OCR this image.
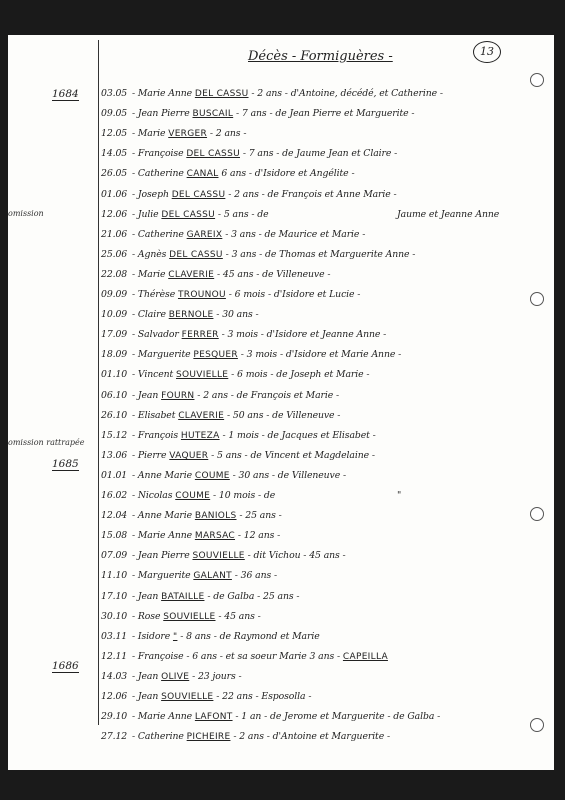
Décès - Formiguères -	13
1684
1685
1686
omission
omission rattrapée
03.05 - Marie Anne DEL CASSU - 2 ans - d'Antoine, décédé, et Catherine -
09.05 - Jean Pierre BUSCAIL - 7 ans - de Jean Pierre et Marguerite -
12.05 - Marie VERGER - 2 ans -
14.05 - Françoise DEL CASSU - 7 ans - de Jaume Jean et Claire -
26.05 - Catherine CANAL 6 ans - d'Isidore et Angélite -
01.06 - Joseph DEL CASSU - 2 ans - de François et Anne Marie -
12.06 - Julie DEL CASSU - 5 ans - de	Jaume et Jeanne Anne
21.06 - Catherine GAREIX - 3 ans - de Maurice et Marie -
25.06 - Agnès DEL CASSU - 3 ans - de Thomas et Marguerite Anne -
22.08 - Marie CLAVERIE - 45 ans - de Villeneuve -
09.09 - Thérèse TROUNOU - 6 mois - d'Isidore et Lucie -
10.09 - Claire BERNOLE - 30 ans -
17.09 - Salvador FERRER - 3 mois - d'Isidore et Jeanne Anne -
18.09 - Marguerite PESQUER - 3 mois - d'Isidore et Marie Anne -
01.10 - Vincent SOUVIELLE - 6 mois - de Joseph et Marie -
06.10 - Jean FOURN - 2 ans - de François et Marie -
26.10 - Elisabet CLAVERIE - 50 ans - de Villeneuve -
15.12 - François HUTEZA - 1 mois - de Jacques et Elisabet -
13.06 - Pierre VAQUER - 5 ans - de Vincent et Magdelaine -
01.01 - Anne Marie COUME - 30 ans - de Villeneuve -
16.02 - Nicolas COUME - 10 mois - de	"
12.04 - Anne Marie BANIOLS - 25 ans -
15.08 - Marie Anne MARSAC - 12 ans -
07.09 - Jean Pierre SOUVIELLE - dit Vichou - 45 ans -
11.10 - Marguerite GALANT - 36 ans -
17.10 - Jean BATAILLE - de Galba - 25 ans -
30.10 - Rose SOUVIELLE - 45 ans -
03.11 - Isidore " - 8 ans - de Raymond et Marie
12.11 - Françoise - 6 ans - et sa soeur Marie 3 ans - CAPEILLA
14.03 - Jean OLIVE - 23 jours -
12.06 - Jean SOUVIELLE - 22 ans - Esposolla -
29.10 - Marie Anne LAFONT - 1 an - de Jerome et Marguerite - de Galba -
27.12 - Catherine PICHEIRE - 2 ans - d'Antoine et Marguerite -
